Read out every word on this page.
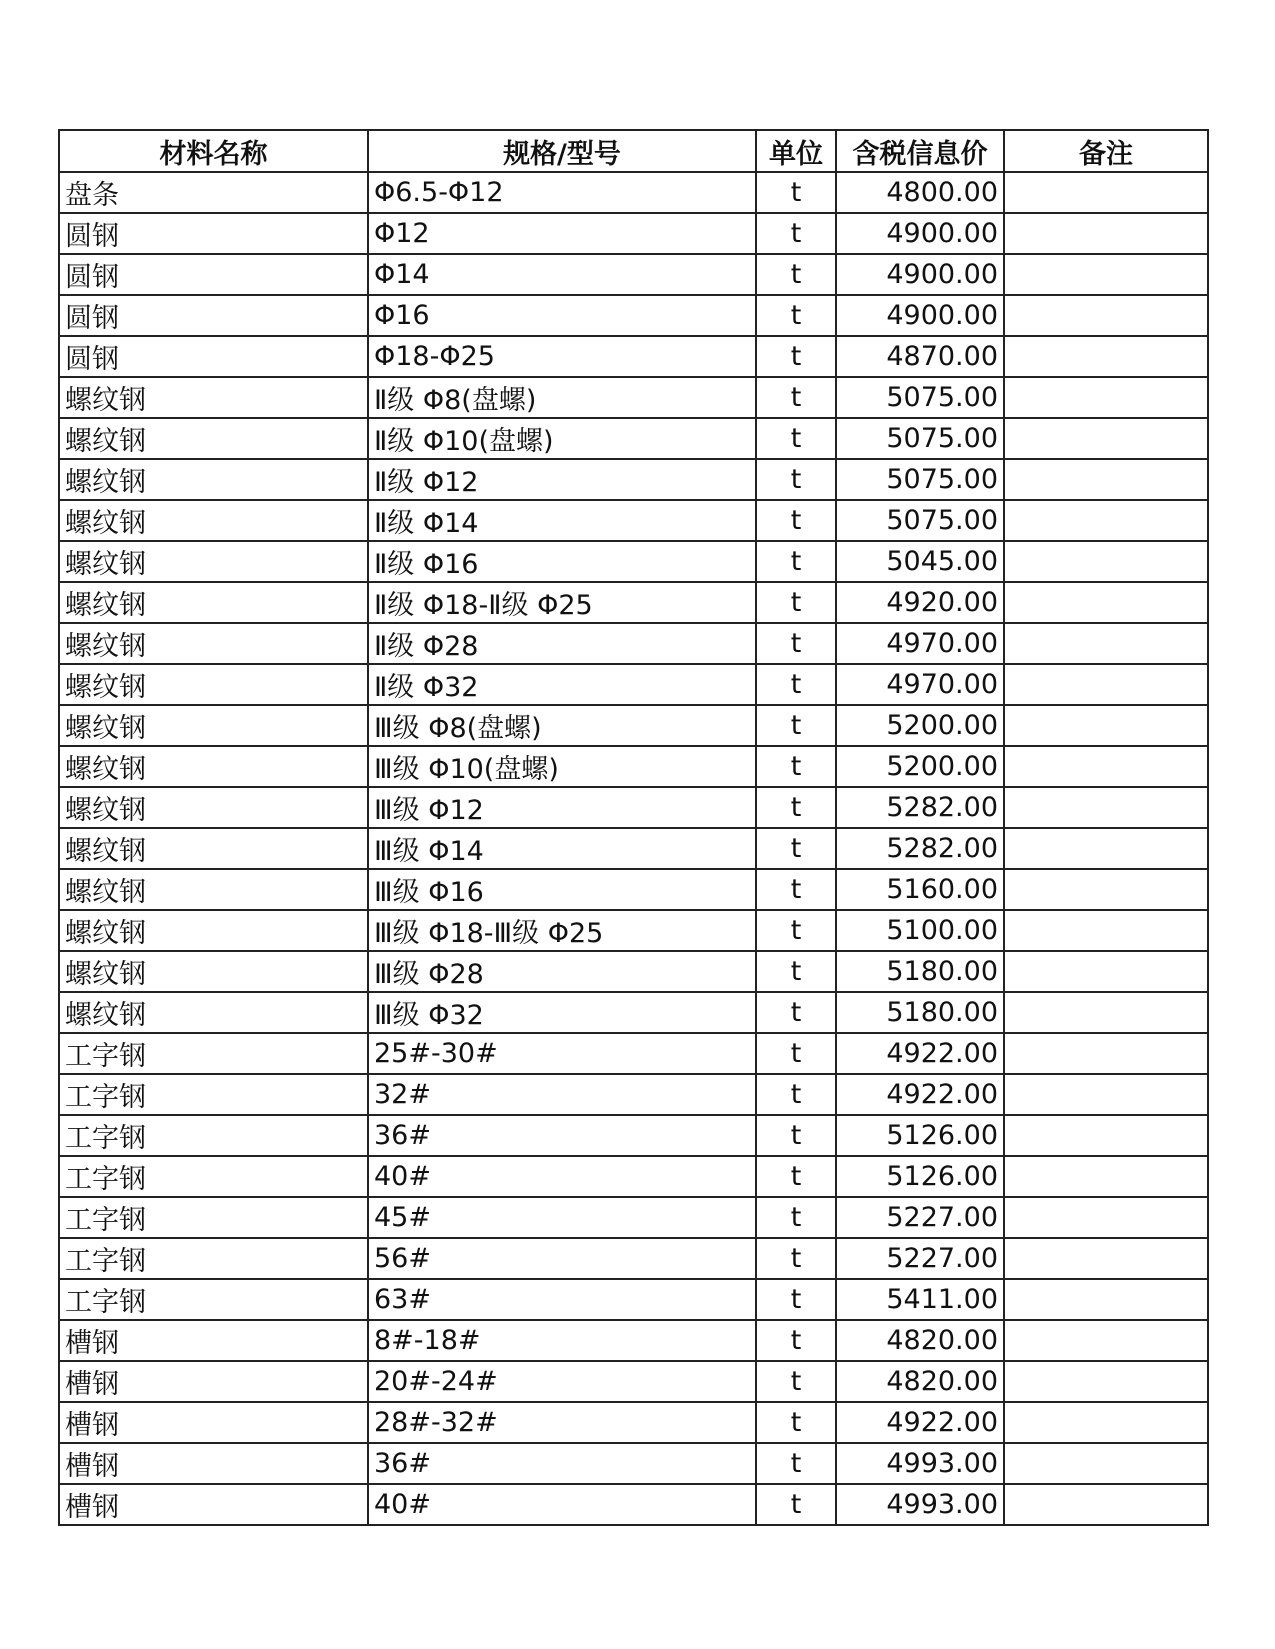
材料名称	规格/型号	单位	含税信息价	备注
盘条	Φ6.5-Φ12	t	4800.00	
圆钢	Φ12	t	4900.00	
圆钢	Φ14	t	4900.00	
圆钢	Φ16	t	4900.00	
圆钢	Φ18-Φ25	t	4870.00	
螺纹钢	Ⅱ级 Φ8(盘螺)	t	5075.00	
螺纹钢	Ⅱ级 Φ10(盘螺)	t	5075.00	
螺纹钢	Ⅱ级 Φ12	t	5075.00	
螺纹钢	Ⅱ级 Φ14	t	5075.00	
螺纹钢	Ⅱ级 Φ16	t	5045.00	
螺纹钢	Ⅱ级 Φ18-Ⅱ级 Φ25	t	4920.00	
螺纹钢	Ⅱ级 Φ28	t	4970.00	
螺纹钢	Ⅱ级 Φ32	t	4970.00	
螺纹钢	Ⅲ级 Φ8(盘螺)	t	5200.00	
螺纹钢	Ⅲ级 Φ10(盘螺)	t	5200.00	
螺纹钢	Ⅲ级 Φ12	t	5282.00	
螺纹钢	Ⅲ级 Φ14	t	5282.00	
螺纹钢	Ⅲ级 Φ16	t	5160.00	
螺纹钢	Ⅲ级 Φ18-Ⅲ级 Φ25	t	5100.00	
螺纹钢	Ⅲ级 Φ28	t	5180.00	
螺纹钢	Ⅲ级 Φ32	t	5180.00	
工字钢	25#-30#	t	4922.00	
工字钢	32#	t	4922.00	
工字钢	36#	t	5126.00	
工字钢	40#	t	5126.00	
工字钢	45#	t	5227.00	
工字钢	56#	t	5227.00	
工字钢	63#	t	5411.00	
槽钢	8#-18#	t	4820.00	
槽钢	20#-24#	t	4820.00	
槽钢	28#-32#	t	4922.00	
槽钢	36#	t	4993.00	
槽钢	40#	t	4993.00	
